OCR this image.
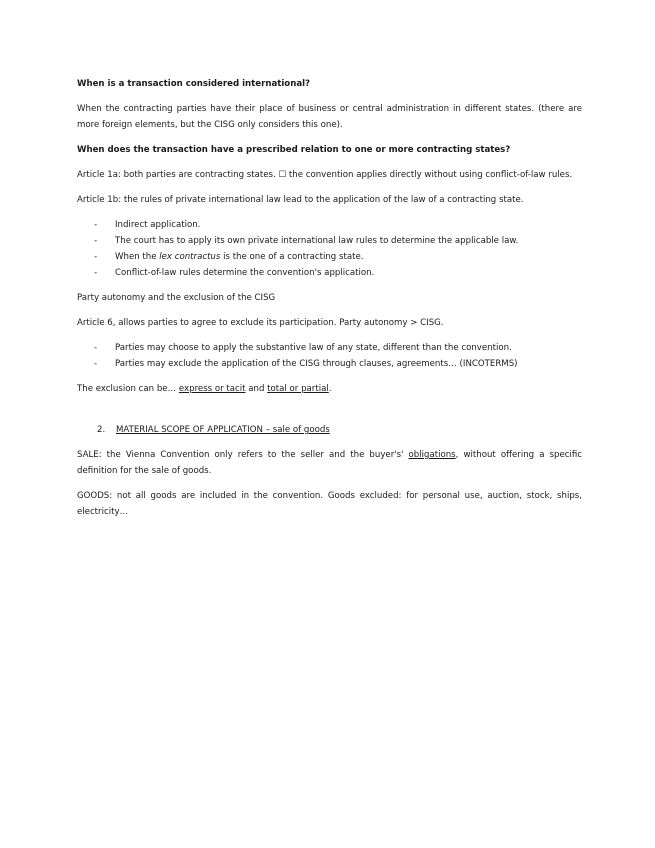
When is a transaction considered international?

When the contracting parties have their place of business or central administration in different states. (there are more foreign elements, but the CISG only considers this one).

When does the transaction have a prescribed relation to one or more contracting states?

Article 1a: both parties are contracting states. ☐ the convention applies directly without using conflict-of-law rules.

Article 1b: the rules of private international law lead to the application of the law of a contracting state.

- Indirect application.
- The court has to apply its own private international law rules to determine the applicable law.
- When the lex contractus is the one of a contracting state.
- Conflict-of-law rules determine the convention's application.

Party autonomy and the exclusion of the CISG

Article 6, allows parties to agree to exclude its participation. Party autonomy > CISG.

- Parties may choose to apply the substantive law of any state, different than the convention.
- Parties may exclude the application of the CISG through clauses, agreements… (INCOTERMS)

The exclusion can be… express or tacit and total or partial.

2. MATERIAL SCOPE OF APPLICATION – sale of goods

SALE: the Vienna Convention only refers to the seller and the buyer's' obligations, without offering a specific definition for the sale of goods.

GOODS: not all goods are included in the convention. Goods excluded: for personal use, auction, stock, ships, electricity…
